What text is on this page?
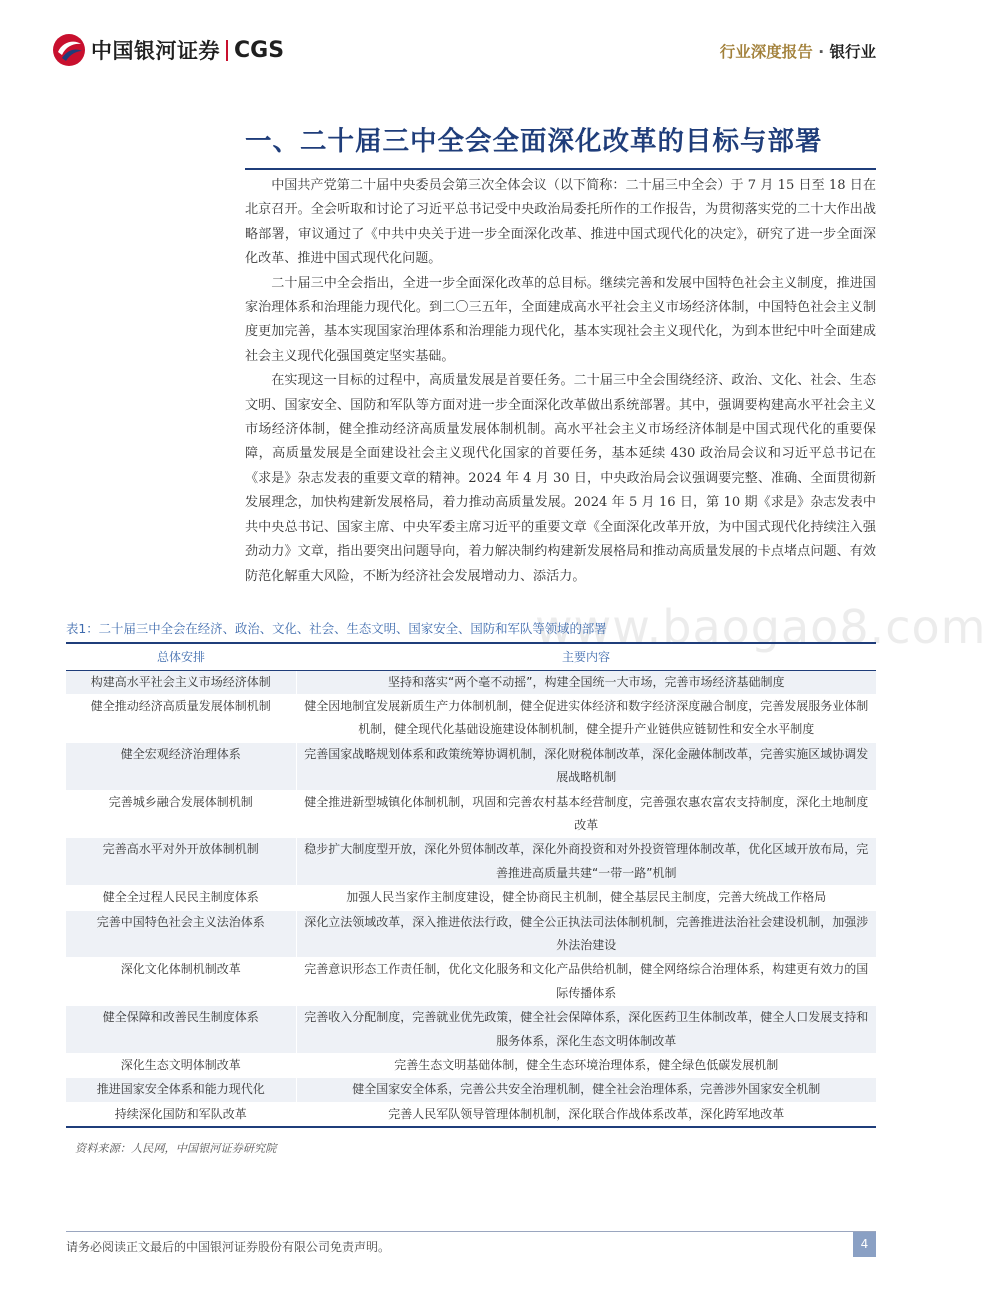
中国银河证券 CGS	行业深度报告 · 银行业
一、二十届三中全会全面深化改革的目标与部署

中国共产党第二十届中央委员会第三次全体会议（以下简称：二十届三中全会）于 7 月 15 日至 18 日在北京召开。全会听取和讨论了习近平总书记受中央政治局委托所作的工作报告，为贯彻落实党的二十大作出战略部署，审议通过了《中共中央关于进一步全面深化改革、推进中国式现代化的决定》，研究了进一步全面深化改革、推进中国式现代化问题。

二十届三中全会指出，全进一步全面深化改革的总目标。继续完善和发展中国特色社会主义制度，推进国家治理体系和治理能力现代化。到二〇三五年，全面建成高水平社会主义市场经济体制，中国特色社会主义制度更加完善，基本实现国家治理体系和治理能力现代化，基本实现社会主义现代化，为到本世纪中叶全面建成社会主义现代化强国奠定坚实基础。

在实现这一目标的过程中，高质量发展是首要任务。二十届三中全会围绕经济、政治、文化、社会、生态文明、国家安全、国防和军队等方面对进一步全面深化改革做出系统部署。其中，强调要构建高水平社会主义市场经济体制，健全推动经济高质量发展体制机制。高水平社会主义市场经济体制是中国式现代化的重要保障，高质量发展是全面建设社会主义现代化国家的首要任务，基本延续 430 政治局会议和习近平总书记在《求是》杂志发表的重要文章的精神。2024 年 4 月 30 日，中央政治局会议强调要完整、准确、全面贯彻新发展理念，加快构建新发展格局，着力推动高质量发展。2024 年 5 月 16 日，第 10 期《求是》杂志发表中共中央总书记、国家主席、中央军委主席习近平的重要文章《全面深化改革开放，为中国式现代化持续注入强劲动力》文章，指出要突出问题导向，着力解决制约构建新发展格局和推动高质量发展的卡点堵点问题、有效防范化解重大风险，不断为经济社会发展增动力、添活力。

www.baogao8.com
表1：二十届三中全会在经济、政治、文化、社会、生态文明、国家安全、国防和军队等领域的部署
总体安排	主要内容
构建高水平社会主义市场经济体制	坚持和落实“两个毫不动摇”，构建全国统一大市场，完善市场经济基础制度
健全推动经济高质量发展体制机制	健全因地制宜发展新质生产力体制机制，健全促进实体经济和数字经济深度融合制度，完善发展服务业体制机制，健全现代化基础设施建设体制机制，健全提升产业链供应链韧性和安全水平制度
健全宏观经济治理体系	完善国家战略规划体系和政策统筹协调机制，深化财税体制改革，深化金融体制改革，完善实施区域协调发展战略机制
完善城乡融合发展体制机制	健全推进新型城镇化体制机制，巩固和完善农村基本经营制度，完善强农惠农富农支持制度，深化土地制度改革
完善高水平对外开放体制机制	稳步扩大制度型开放，深化外贸体制改革，深化外商投资和对外投资管理体制改革，优化区域开放布局，完善推进高质量共建“一带一路”机制
健全全过程人民民主制度体系	加强人民当家作主制度建设，健全协商民主机制，健全基层民主制度，完善大统战工作格局
完善中国特色社会主义法治体系	深化立法领域改革，深入推进依法行政，健全公正执法司法体制机制，完善推进法治社会建设机制，加强涉外法治建设
深化文化体制机制改革	完善意识形态工作责任制，优化文化服务和文化产品供给机制，健全网络综合治理体系，构建更有效力的国际传播体系
健全保障和改善民生制度体系	完善收入分配制度，完善就业优先政策，健全社会保障体系，深化医药卫生体制改革，健全人口发展支持和服务体系，深化生态文明体制改革
深化生态文明体制改革	完善生态文明基础体制，健全生态环境治理体系，健全绿色低碳发展机制
推进国家安全体系和能力现代化	健全国家安全体系，完善公共安全治理机制，健全社会治理体系，完善涉外国家安全机制
持续深化国防和军队改革	完善人民军队领导管理体制机制，深化联合作战体系改革，深化跨军地改革
资料来源：人民网，中国银河证券研究院
请务必阅读正文最后的中国银河证券股份有限公司免责声明。	4
